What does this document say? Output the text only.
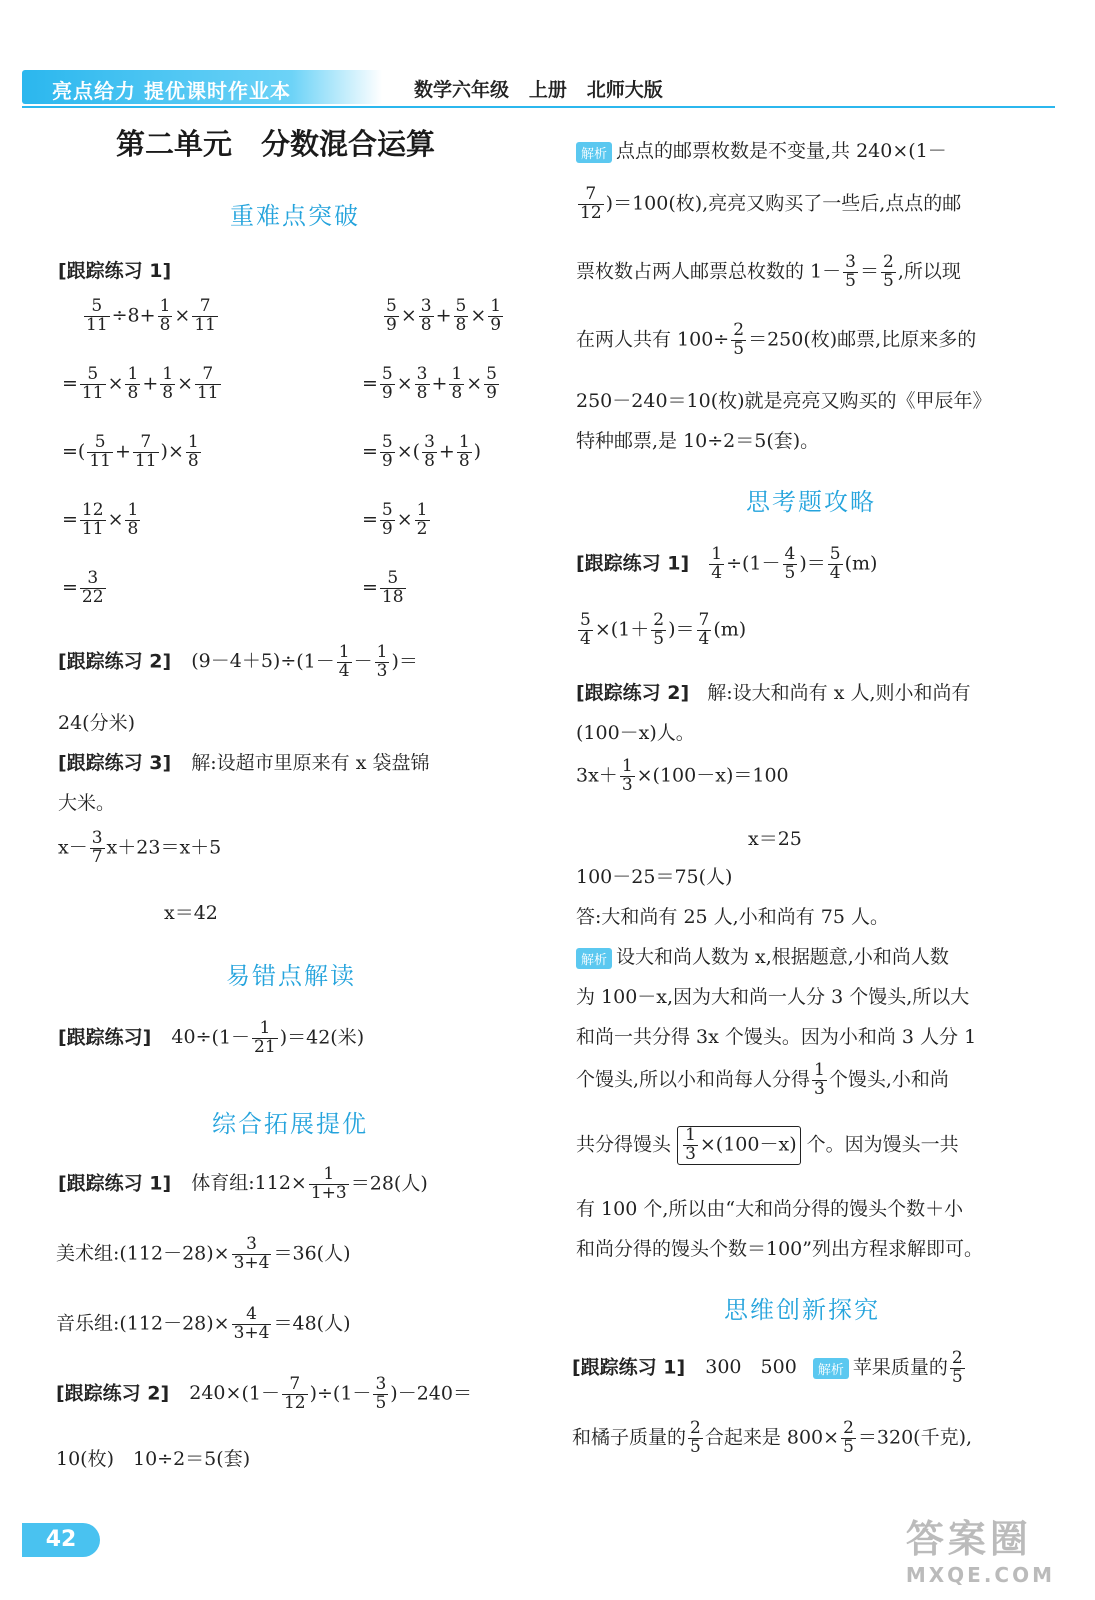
亮点给力 提优课时作业本	数学六年级   上册   北师大版
第二单元　分数混合运算
重难点突破
[跟踪练习 1]
$\frac{5}{11} \div 8+ \frac{1}{8} \times \frac{7}{11}$
= $\frac{5}{11} \times \frac{1}{8} + \frac{1}{8} \times \frac{7}{11}$
=( $\frac{5}{11} + \frac{7}{11}$ )× $\frac{1}{8}$
= $\frac{12}{11} \times \frac{1}{8}$
= $\frac{3}{22}$
$\frac{5}{9} \times \frac{3}{8} + \frac{5}{8} \times \frac{1}{9}$
= $\frac{5}{9} \times \frac{3}{8} + \frac{1}{8} \times \frac{5}{9}$
= $\frac{5}{9}$ ×( $\frac{3}{8} + \frac{1}{8}$ )
= $\frac{5}{9} \times \frac{1}{2}$
= $\frac{5}{18}$
[跟踪练习 2] $(9-4+5)\div(1- \frac{1}{4} - \frac{1}{3}$ )＝
24(分米)
[跟踪练习 3] 解:设超市里原来有 x 袋盘锦
大米。
$x- \frac{3}{7} x+23=x+5$
x＝42
易错点解读
[跟踪练习] $40\div(1- \frac{1}{21} )=42$(米)
综合拓展提优
[跟踪练习 1] 体育组:112× $\frac{1}{1+3} =28$(人)
美术组:(112－28)× $\frac{3}{3+4} =36$(人)
音乐组:(112－28)× $\frac{4}{3+4} =48$(人)
[跟踪练习 2] $240\times(1- \frac{7}{12} )\div(1- \frac{3}{5} )-240=$
10(枚)　10÷2＝5(套)
解析 点点的邮票枚数是不变量,共 240×(1－
$\frac{7}{12} )=100$(枚),亮亮又购买了一些后,点点的邮
票枚数占两人邮票总枚数的 $1- \frac{3}{5} = \frac{2}{5}$ ,所以现
在两人共有 $100\div \frac{2}{5} =250$(枚)邮票,比原来多的
250－240＝10(枚)就是亮亮又购买的《甲辰年》
特种邮票,是 10÷2＝5(套)。
思考题攻略
[跟踪练习 $1] \frac{1}{4} \div(1- \frac{4}{5}$ )＝ $\frac{5}{4} (m)$
$\frac{5}{4} \times(1+ \frac{2}{5}$ )＝ $\frac{7}{4} (m)$
[跟踪练习 2] 解:设大和尚有 x 人,则小和尚有
(100－x)人。
$3x+ \frac{1}{3} \times(100-x)=100$
x＝25
100－25＝75(人)
答:大和尚有 25 人,小和尚有 75 人。
解析 设大和尚人数为 x,根据题意,小和尚人数
为 100－x,因为大和尚一人分 3 个馒头,所以大
和尚一共分得 3x 个馒头。因为小和尚 3 人分 1
个馒头,所以小和尚每人分得 $\frac{1}{3}$ 个馒头,小和尚
共分得馒头 $\frac{1}{3} \times(100-x)$ 个。因为馒头一共
有 100 个,所以由“大和尚分得的馒头个数＋小
和尚分得的馒头个数＝100”列出方程求解即可。
思维创新探究
[跟踪练习 1] 300　500 解析 苹果质量的 $\frac{2}{5}$
和橘子质量的 $\frac{2}{5}$ 合起来是 $800\times \frac{2}{5} =320$(千克),
42	答案圈
MXQE.COM
